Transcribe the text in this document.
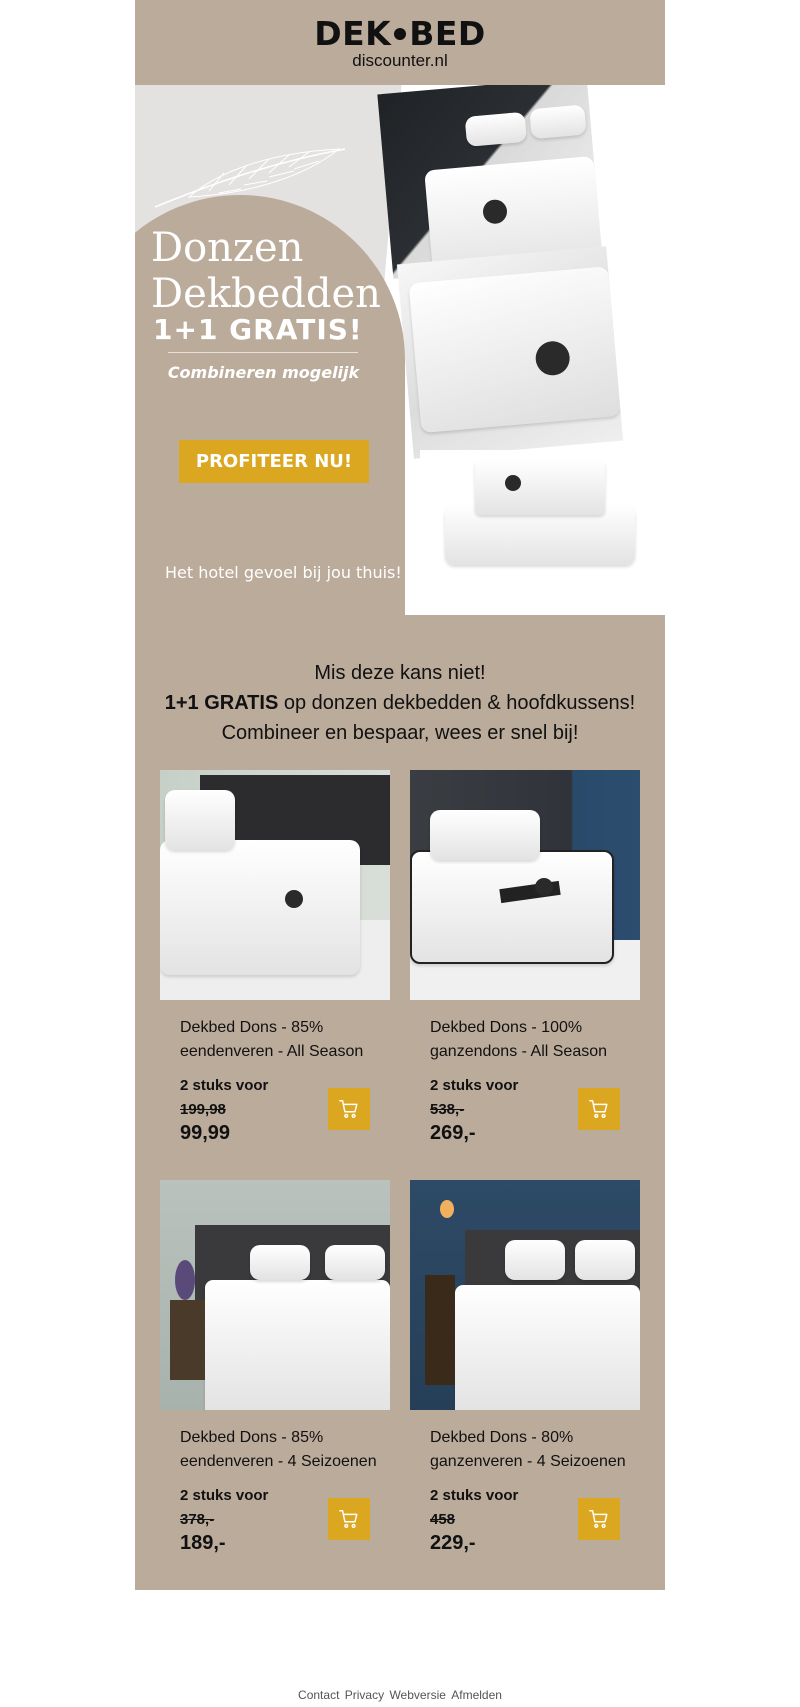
DEK BED
discounter.nl
Donzen
Dekbedden
1+1 GRATIS!
Combineren mogelijk
PROFITEER NU!
Het hotel gevoel bij jou thuis!
Mis deze kans niet!
1+1 GRATIS op donzen dekbedden & hoofdkussens!
Combineer en bespaar, wees er snel bij!
Dekbed Dons - 85% eendenveren - All Season
2 stuks voor
199,98
99,99
Dekbed Dons - 100% ganzendons - All Season
2 stuks voor
538,-
269,-
Dekbed Dons - 85% eendenveren - 4 Seizoenen
2 stuks voor
378,-
189,-
Dekbed Dons - 80% ganzenveren - 4 Seizoenen
2 stuks voor
458
229,-
Contact Privacy Webversie Afmelden
